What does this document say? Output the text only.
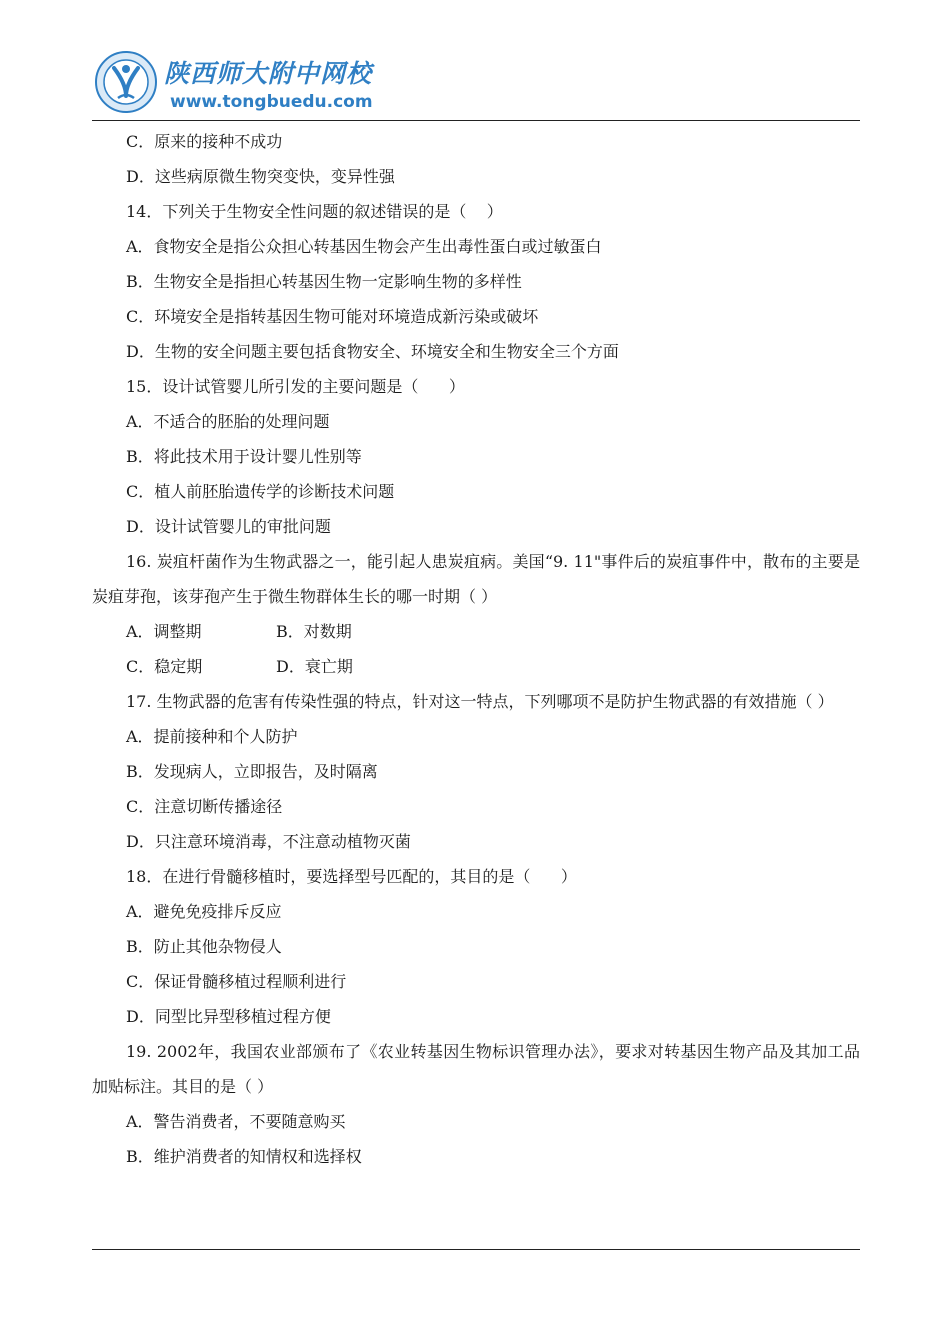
陕西师大附中网校
www.tongbuedu.com
C．原来的接种不成功
D．这些病原微生物突变快，变异性强
14．下列关于生物安全性问题的叙述错误的是（    ）
A．食物安全是指公众担心转基因生物会产生出毒性蛋白或过敏蛋白
B．生物安全是指担心转基因生物一定影响生物的多样性
C．环境安全是指转基因生物可能对环境造成新污染或破坏
D．生物的安全问题主要包括食物安全、环境安全和生物安全三个方面
15．设计试管婴儿所引发的主要问题是（      ）
A．不适合的胚胎的处理问题
B．将此技术用于设计婴儿性别等
C．植人前胚胎遗传学的诊断技术问题
D．设计试管婴儿的审批问题

16. 炭疽杆菌作为生物武器之一，能引起人患炭疽病。美国“9. 11"事件后的炭疽事件中，散布的主要是炭疽芽孢，该芽孢产生于微生物群体生长的哪一时期（ ）

A．调整期	B．对数期
C．稳定期	D．衰亡期

17. 生物武器的危害有传染性强的特点，针对这一特点，下列哪项不是防护生物武器的有效措施（ ）

A．提前接种和个人防护
B．发现病人，立即报告，及时隔离
C．注意切断传播途径
D．只注意环境消毒，不注意动植物灭菌
18．在进行骨髓移植时，要选择型号匹配的，其目的是（      ）
A．避免免疫排斥反应
B．防止其他杂物侵人
C．保证骨髓移植过程顺利进行
D．同型比异型移植过程方便

19. 2002年，我国农业部颁布了《农业转基因生物标识管理办法》，要求对转基因生物产品及其加工品加贴标注。其目的是（ ）

A．警告消费者，不要随意购买
B．维护消费者的知情权和选择权
